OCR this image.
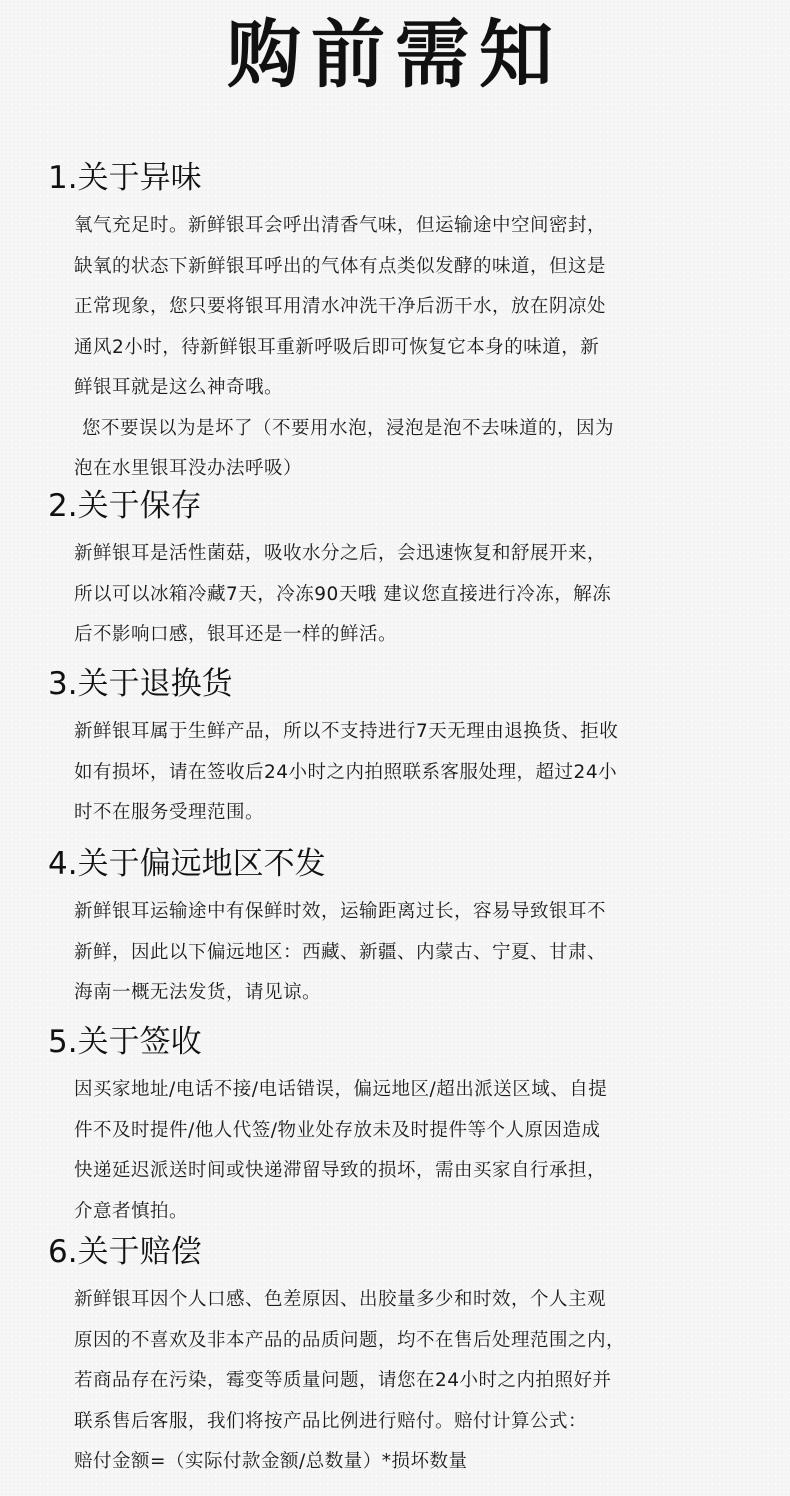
购前需知
1.关于异味
氧气充足时。新鲜银耳会呼出清香气味，但运输途中空间密封，
缺氧的状态下新鲜银耳呼出的气体有点类似发酵的味道，但这是
正常现象，您只要将银耳用清水冲洗干净后沥干水，放在阴凉处
通风2小时，待新鲜银耳重新呼吸后即可恢复它本身的味道，新
鲜银耳就是这么神奇哦。
您不要误以为是坏了（不要用水泡，浸泡是泡不去味道的，因为
泡在水里银耳没办法呼吸）
2.关于保存
新鲜银耳是活性菌菇，吸收水分之后，会迅速恢复和舒展开来，
所以可以冰箱冷藏7天，冷冻90天哦 建议您直接进行冷冻，解冻
后不影响口感，银耳还是一样的鲜活。
3.关于退换货
新鲜银耳属于生鲜产品，所以不支持进行7天无理由退换货、拒收
如有损坏，请在签收后24小时之内拍照联系客服处理，超过24小
时不在服务受理范围。
4.关于偏远地区不发
新鲜银耳运输途中有保鲜时效，运输距离过长，容易导致银耳不
新鲜，因此以下偏远地区：西藏、新疆、内蒙古、宁夏、甘肃、
海南一概无法发货，请见谅。
5.关于签收
因买家地址/电话不接/电话错误，偏远地区/超出派送区域、自提
件不及时提件/他人代签/物业处存放未及时提件等个人原因造成
快递延迟派送时间或快递滞留导致的损坏，需由买家自行承担，
介意者慎拍。
6.关于赔偿
新鲜银耳因个人口感、色差原因、出胶量多少和时效，个人主观
原因的不喜欢及非本产品的品质问题，均不在售后处理范围之内，
若商品存在污染，霉变等质量问题，请您在24小时之内拍照好并
联系售后客服，我们将按产品比例进行赔付。赔付计算公式：
赔付金额=（实际付款金额/总数量）*损坏数量
